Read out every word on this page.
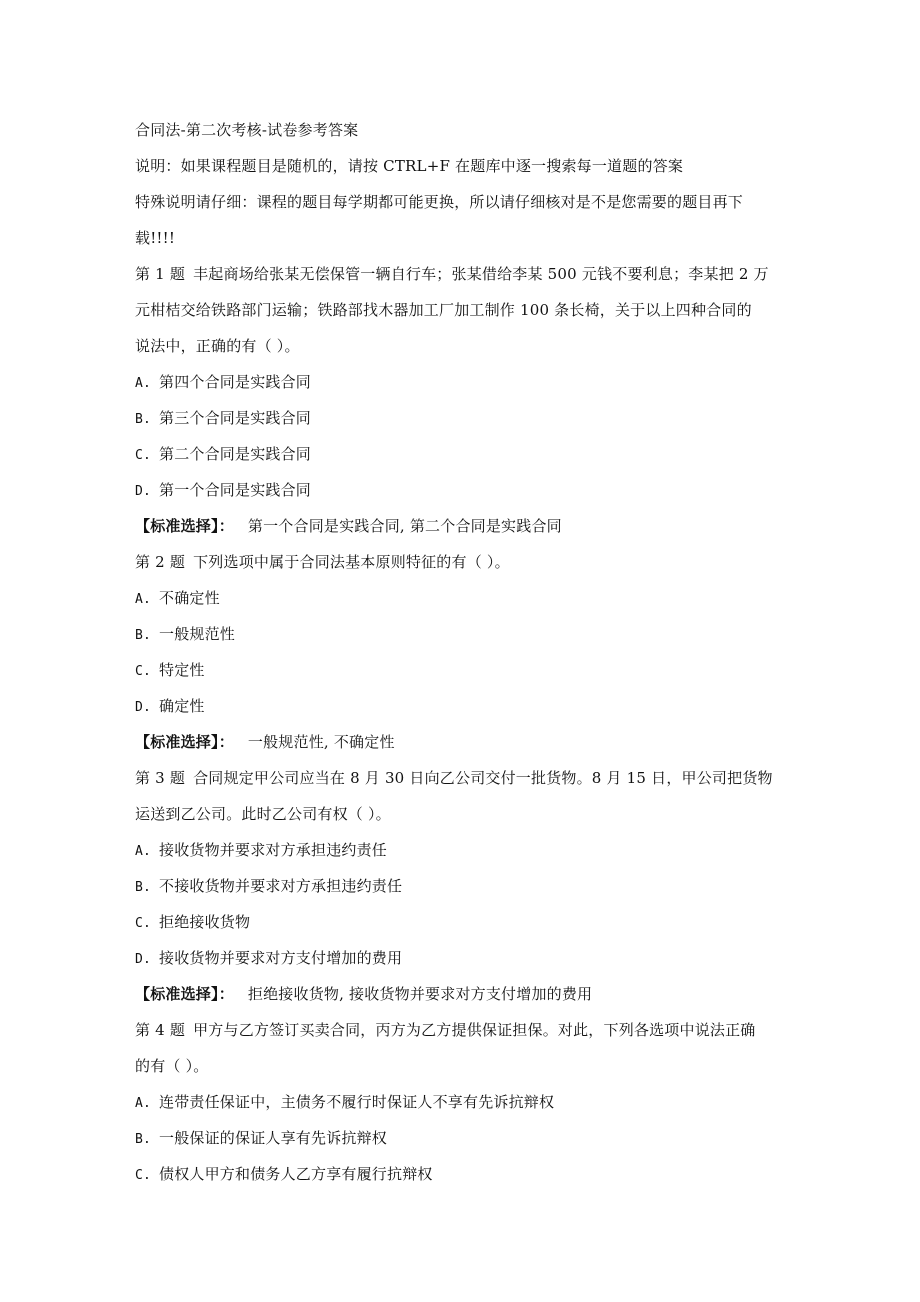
合同法-第二次考核-试卷参考答案
说明：如果课程题目是随机的，请按 CTRL+F 在题库中逐一搜索每一道题的答案
特殊说明请仔细：课程的题目每学期都可能更换，所以请仔细核对是不是您需要的题目再下
载!!!!
第 1 题 丰起商场给张某无偿保管一辆自行车；张某借给李某 500 元钱不要利息；李某把 2 万
元柑桔交给铁路部门运输；铁路部找木器加工厂加工制作 100 条长椅，关于以上四种合同的
说法中，正确的有（ ）。
A. 第四个合同是实践合同
B. 第三个合同是实践合同
C. 第二个合同是实践合同
D. 第一个合同是实践合同
【标准选择】： 第一个合同是实践合同, 第二个合同是实践合同
第 2 题 下列选项中属于合同法基本原则特征的有（ ）。
A. 不确定性
B. 一般规范性
C. 特定性
D. 确定性
【标准选择】： 一般规范性, 不确定性
第 3 题 合同规定甲公司应当在 8 月 30 日向乙公司交付一批货物。8 月 15 日，甲公司把货物
运送到乙公司。此时乙公司有权（ ）。
A. 接收货物并要求对方承担违约责任
B. 不接收货物并要求对方承担违约责任
C. 拒绝接收货物
D. 接收货物并要求对方支付增加的费用
【标准选择】： 拒绝接收货物, 接收货物并要求对方支付增加的费用
第 4 题 甲方与乙方签订买卖合同，丙方为乙方提供保证担保。对此，下列各选项中说法正确
的有（ ）。
A. 连带责任保证中，主债务不履行时保证人不享有先诉抗辩权
B. 一般保证的保证人享有先诉抗辩权
C. 债权人甲方和债务人乙方享有履行抗辩权
